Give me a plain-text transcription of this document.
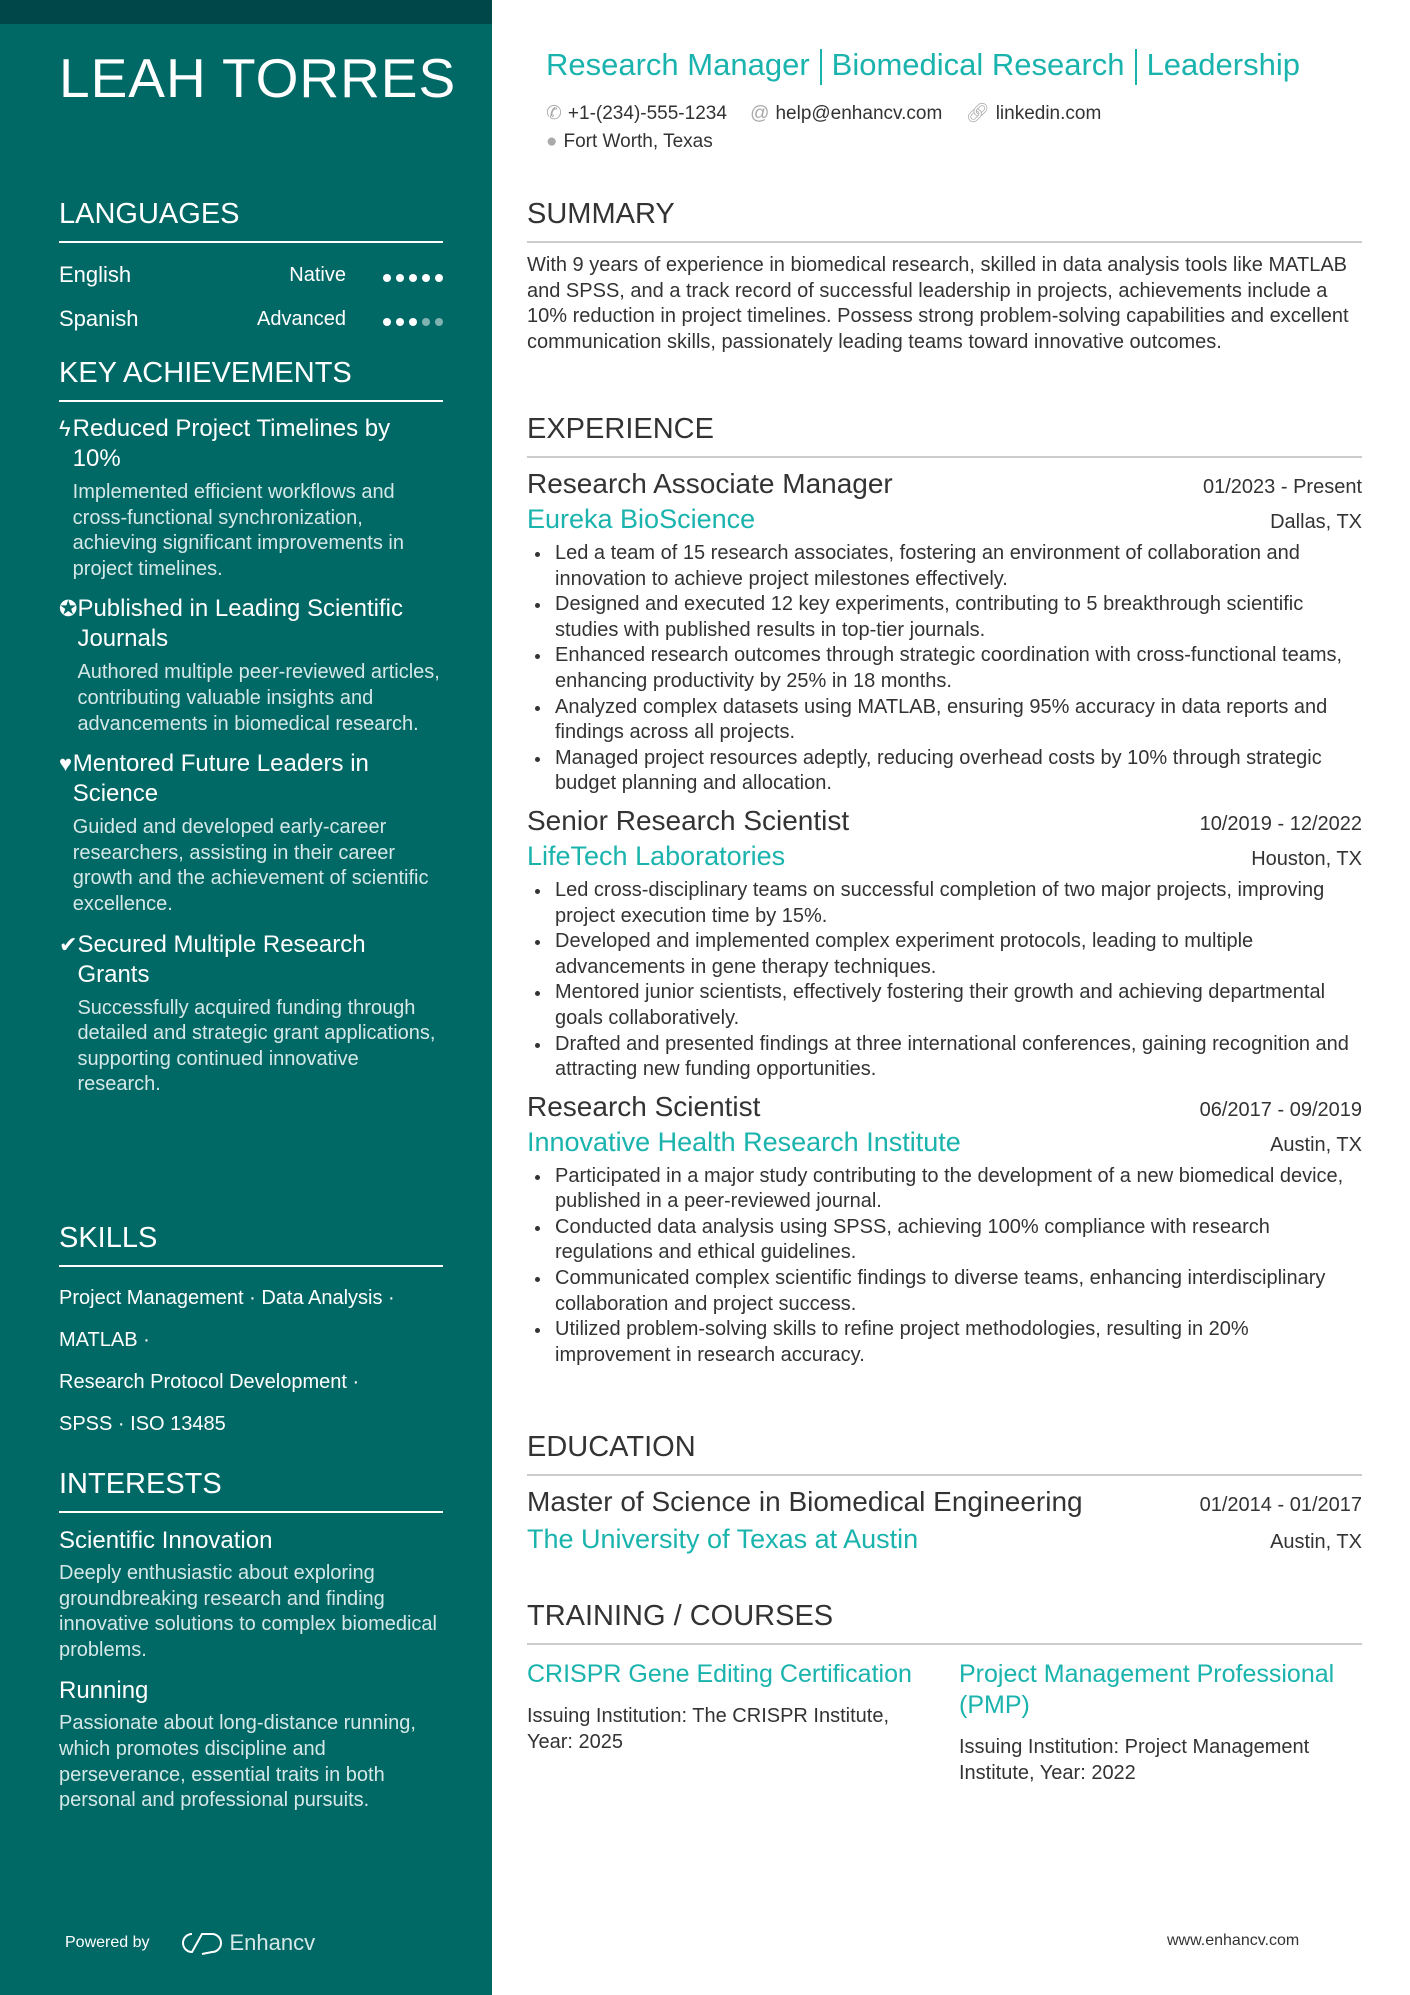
LEAH TORRES
LANGUAGES
English	Native
Spanish	Advanced
KEY ACHIEVEMENTS
ϟ Reduced Project Timelines by 10%
Implemented efficient workflows and cross-functional synchronization, achieving significant improvements in project timelines.
✪ Published in Leading Scientific Journals
Authored multiple peer-reviewed articles, contributing valuable insights and advancements in biomedical research.
♥ Mentored Future Leaders in Science
Guided and developed early-career researchers, assisting in their career growth and the achievement of scientific excellence.
✔ Secured Multiple Research Grants
Successfully acquired funding through detailed and strategic grant applications, supporting continued innovative research.
SKILLS
Project Management · Data Analysis ·
MATLAB ·
Research Protocol Development ·
SPSS · ISO 13485
INTERESTS
Scientific Innovation
Deeply enthusiastic about exploring groundbreaking research and finding innovative solutions to complex biomedical problems.
Running
Passionate about long-distance running, which promotes discipline and perseverance, essential traits in both personal and professional pursuits.
Powered by	Enhancv
Research Manager Biomedical Research Leadership
✆ +1-(234)-555-1234 @ help@enhancv.com 🔗︎ linkedin.com
● Fort Worth, Texas
SUMMARY
With 9 years of experience in biomedical research, skilled in data analysis tools like MATLAB and SPSS, and a track record of successful leadership in projects, achievements include a 10% reduction in project timelines. Possess strong problem-solving capabilities and excellent communication skills, passionately leading teams toward innovative outcomes.
EXPERIENCE
Research Associate Manager	01/2023 - Present
Eureka BioScience	Dallas, TX
Led a team of 15 research associates, fostering an environment of collaboration and innovation to achieve project milestones effectively.
Designed and executed 12 key experiments, contributing to 5 breakthrough scientific studies with published results in top-tier journals.
Enhanced research outcomes through strategic coordination with cross-functional teams, enhancing productivity by 25% in 18 months.
Analyzed complex datasets using MATLAB, ensuring 95% accuracy in data reports and findings across all projects.
Managed project resources adeptly, reducing overhead costs by 10% through strategic budget planning and allocation.
Senior Research Scientist	10/2019 - 12/2022
LifeTech Laboratories	Houston, TX
Led cross-disciplinary teams on successful completion of two major projects, improving project execution time by 15%.
Developed and implemented complex experiment protocols, leading to multiple advancements in gene therapy techniques.
Mentored junior scientists, effectively fostering their growth and achieving departmental goals collaboratively.
Drafted and presented findings at three international conferences, gaining recognition and attracting new funding opportunities.
Research Scientist	06/2017 - 09/2019
Innovative Health Research Institute	Austin, TX
Participated in a major study contributing to the development of a new biomedical device, published in a peer-reviewed journal.
Conducted data analysis using SPSS, achieving 100% compliance with research regulations and ethical guidelines.
Communicated complex scientific findings to diverse teams, enhancing interdisciplinary collaboration and project success.
Utilized problem-solving skills to refine project methodologies, resulting in 20% improvement in research accuracy.
EDUCATION
Master of Science in Biomedical Engineering	01/2014 - 01/2017
The University of Texas at Austin	Austin, TX
TRAINING / COURSES
CRISPR Gene Editing Certification
Issuing Institution: The CRISPR Institute, Year: 2025
Project Management Professional (PMP)
Issuing Institution: Project Management Institute, Year: 2022
www.enhancv.com
